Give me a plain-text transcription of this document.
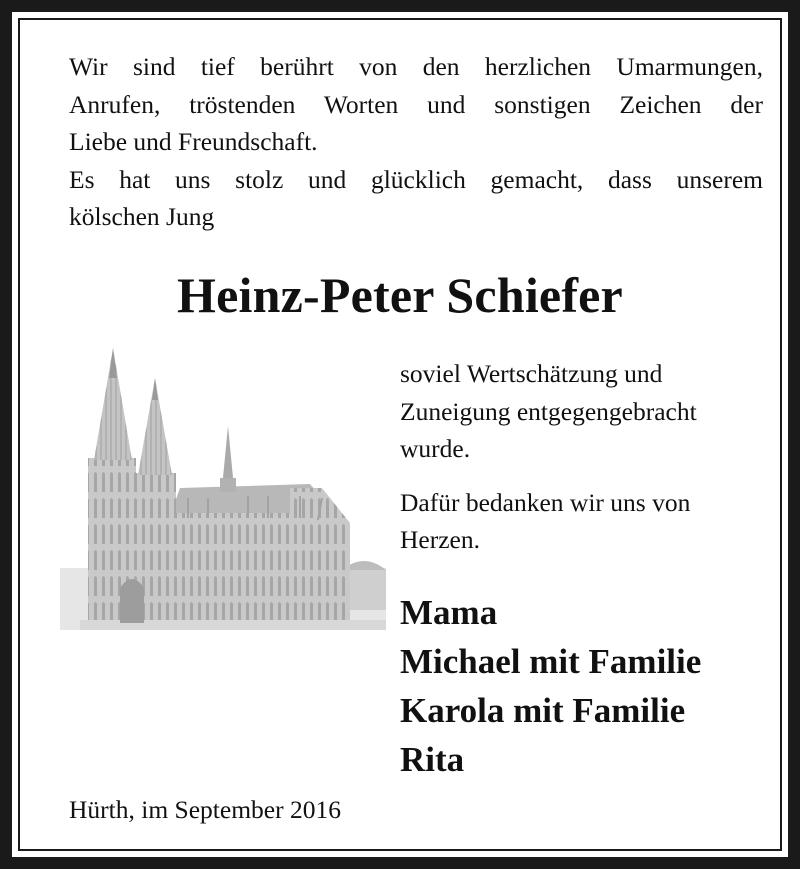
Wir sind tief berührt von den herzlichen Umarmungen,

Anrufen, tröstenden Worten und sonstigen Zeichen der

Liebe und Freundschaft.

Es hat uns stolz und glücklich gemacht, dass unserem

kölschen Jung

Heinz-Peter Schiefer

soviel Wertschätzung und

Zuneigung entgegengebracht

wurde.

Dafür bedanken wir uns von

Herzen.

Mama
Michael mit Familie
Karola mit Familie
Rita
Hürth, im September 2016
